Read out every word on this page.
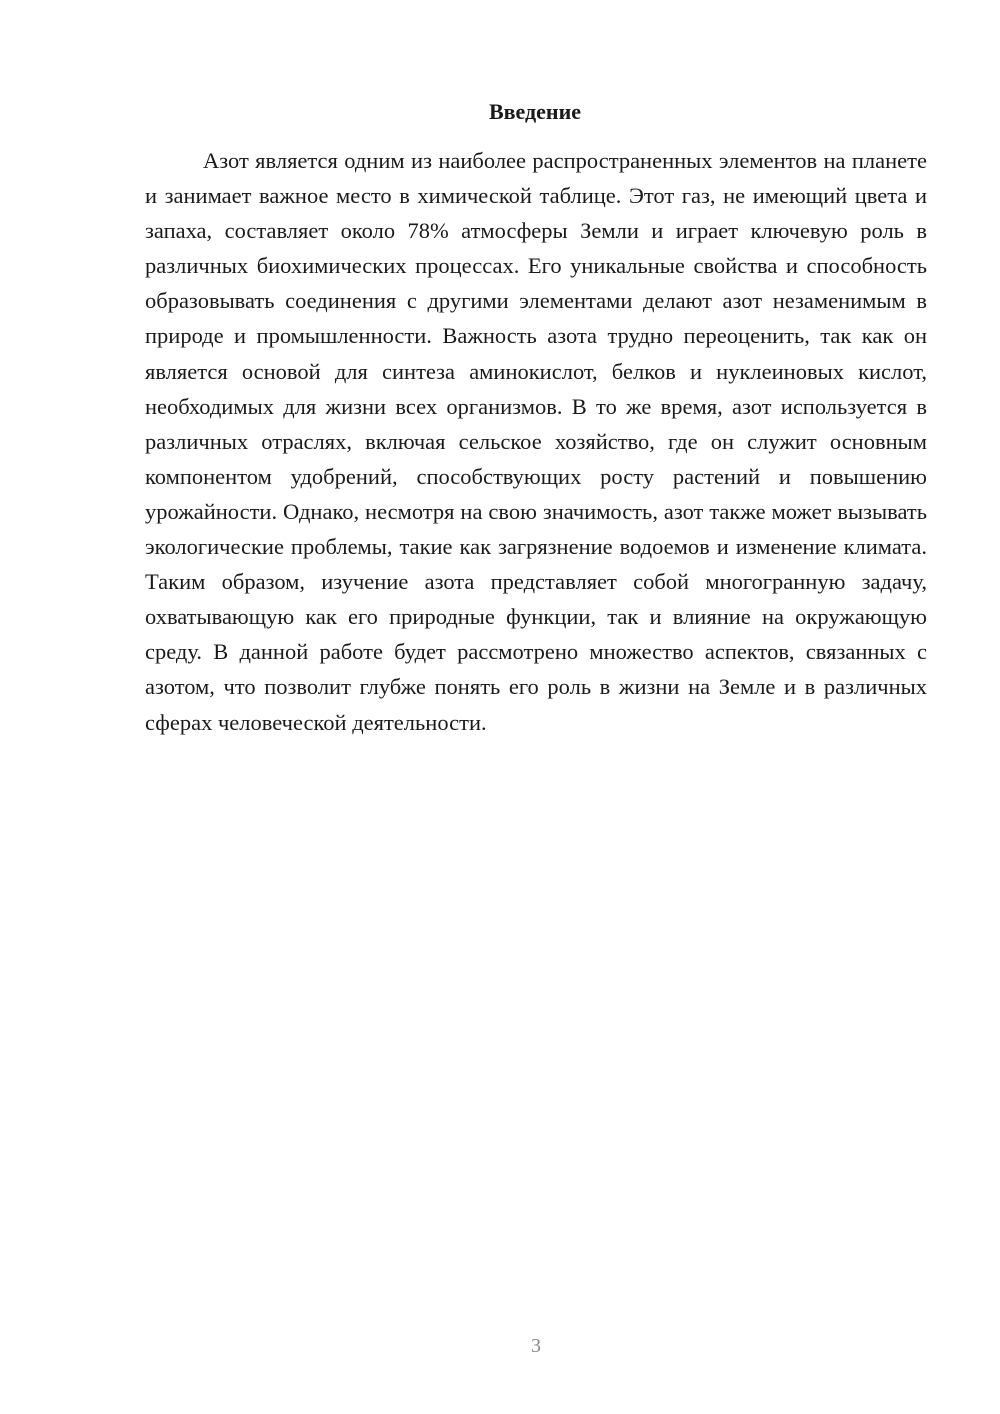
Введение

Азот является одним из наиболее распространенных элементов на планете и занимает важное место в химической таблице. Этот газ, не имеющий цвета и запаха, составляет около 78% атмосферы Земли и играет ключевую роль в различных биохимических процессах. Его уникальные свойства и способность образовывать соединения с другими элементами делают азот незаменимым в природе и промышленности. Важность азота трудно переоценить, так как он является основой для синтеза аминокислот, белков и нуклеиновых кислот, необходимых для жизни всех организмов. В то же время, азот используется в различных отраслях, включая сельское хозяйство, где он служит основным компонентом удобрений, способствующих росту растений и повышению урожайности. Однако, несмотря на свою значимость, азот также может вызывать экологические проблемы, такие как загрязнение водоемов и изменение климата. Таким образом, изучение азота представляет собой многогранную задачу, охватывающую как его природные функции, так и влияние на окружающую среду. В данной работе будет рассмотрено множество аспектов, связанных с азотом, что позволит глубже понять его роль в жизни на Земле и в различных сферах человеческой деятельности.

3
